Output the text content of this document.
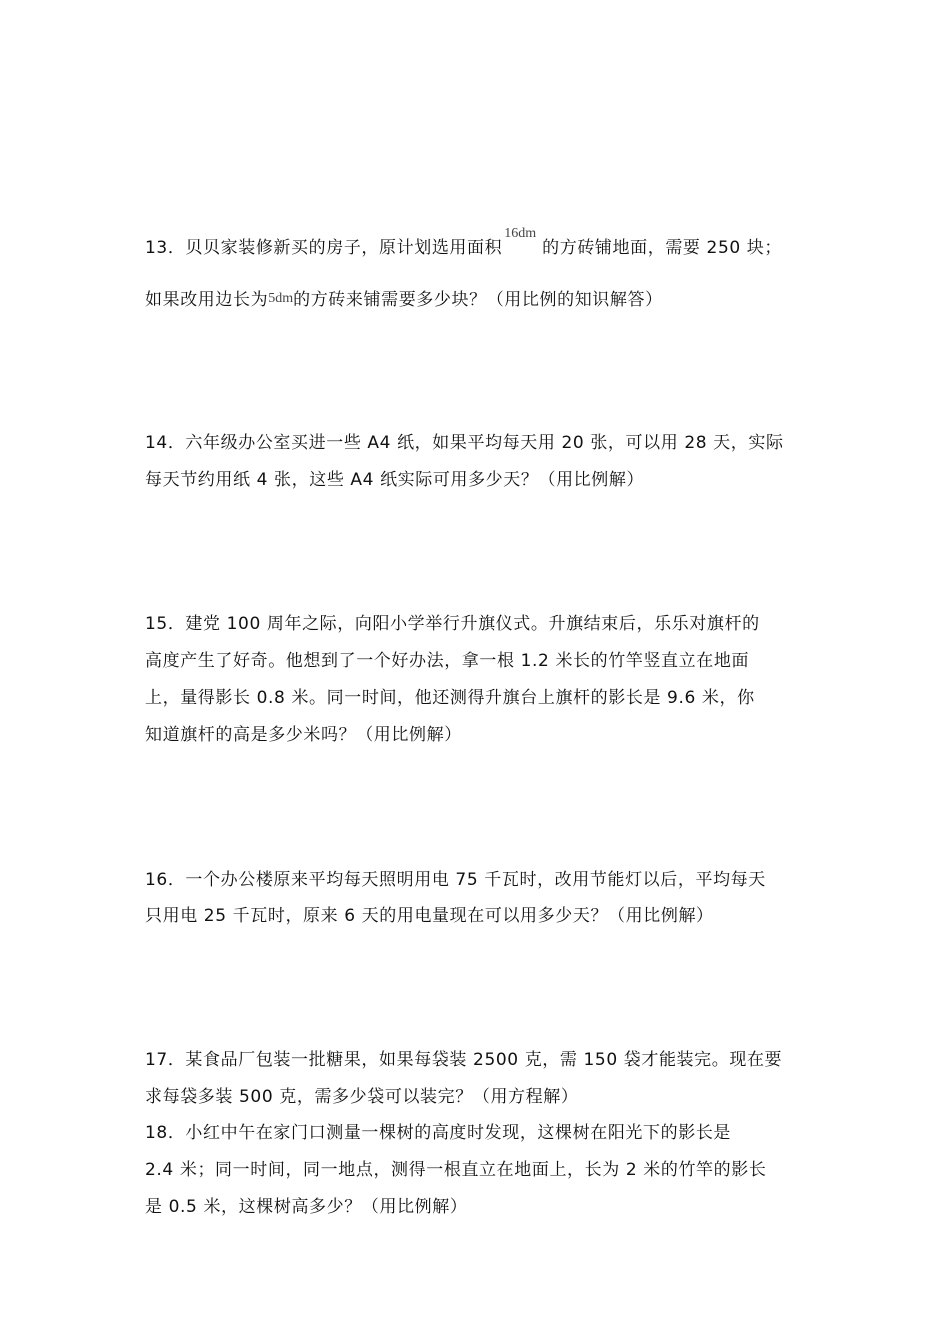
13．贝贝家装修新买的房子，原计划选用面积$^{16dm}$的方砖铺地面，需要 250 块；
如果改用边长为5dm的方砖来铺需要多少块？（用比例的知识解答）
14．六年级办公室买进一些 A4 纸，如果平均每天用 20 张，可以用 28 天，实际
每天节约用纸 4 张，这些 A4 纸实际可用多少天？（用比例解）
15．建党 100 周年之际，向阳小学举行升旗仪式。升旗结束后，乐乐对旗杆的
高度产生了好奇。他想到了一个好办法，拿一根 1.2 米长的竹竿竖直立在地面
上，量得影长 0.8 米。同一时间，他还测得升旗台上旗杆的影长是 9.6 米，你
知道旗杆的高是多少米吗？（用比例解）
16．一个办公楼原来平均每天照明用电 75 千瓦时，改用节能灯以后，平均每天
只用电 25 千瓦时，原来 6 天的用电量现在可以用多少天？（用比例解）
17．某食品厂包装一批糖果，如果每袋装 2500 克，需 150 袋才能装完。现在要
求每袋多装 500 克，需多少袋可以装完？（用方程解）
18．小红中午在家门口测量一棵树的高度时发现，这棵树在阳光下的影长是
2.4 米；同一时间，同一地点，测得一根直立在地面上，长为 2 米的竹竿的影长
是 0.5 米，这棵树高多少？（用比例解）
